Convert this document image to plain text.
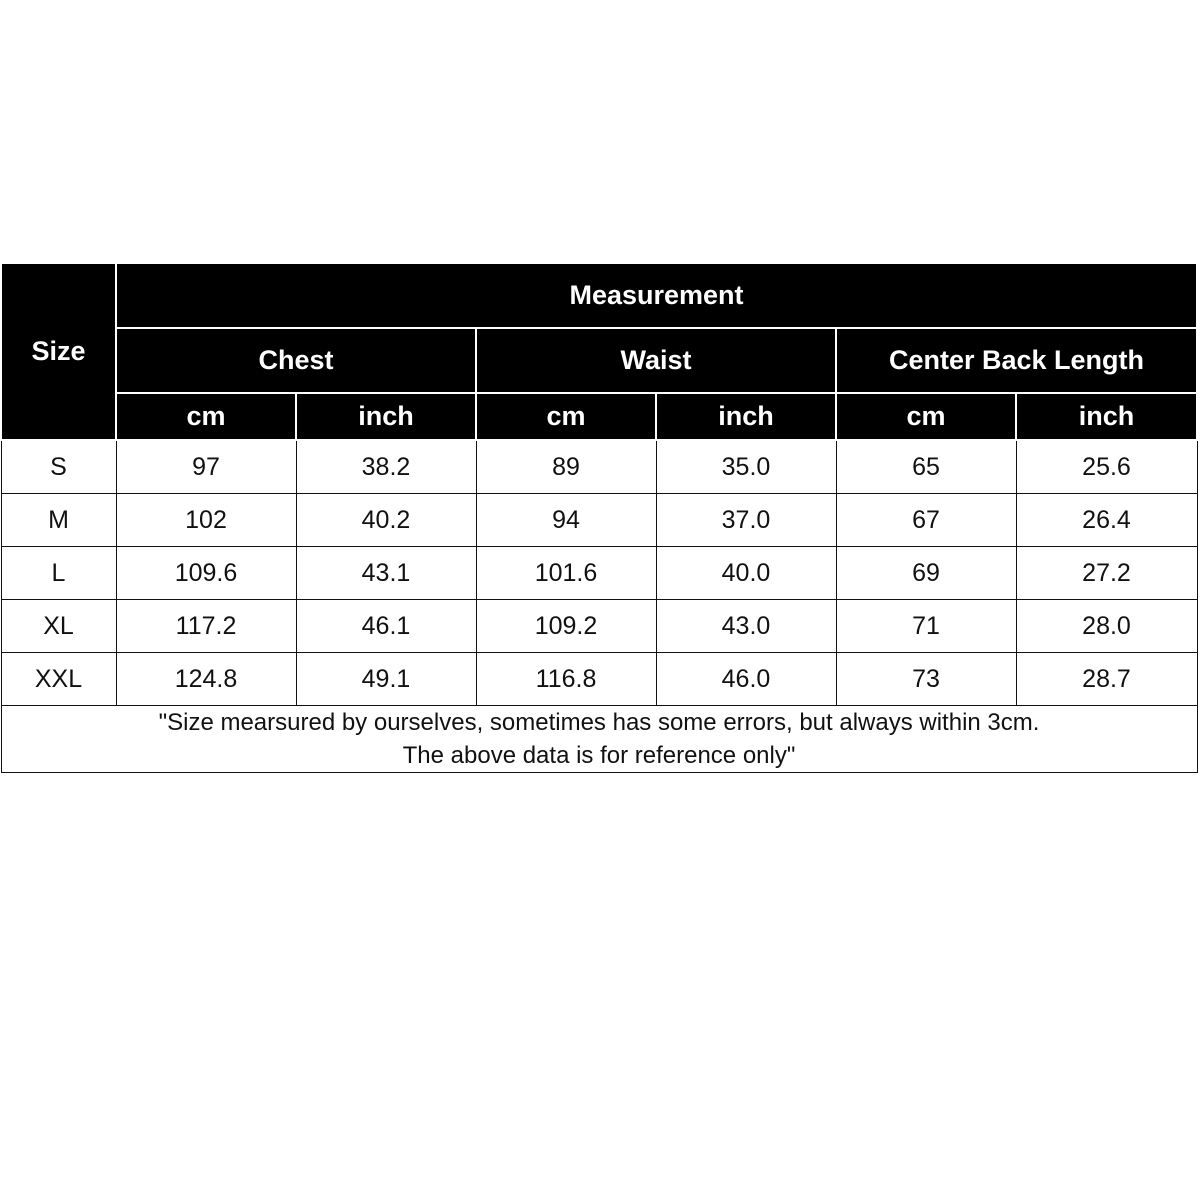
Size	Measurement					
	Chest		Waist		Center Back Length	
	cm	inch	cm	inch	cm	inch
S	97	38.2	89	35.0	65	25.6
M	102	40.2	94	37.0	67	26.4
L	109.6	43.1	101.6	40.0	69	27.2
XL	117.2	46.1	109.2	43.0	71	28.0
XXL	124.8	49.1	116.8	46.0	73	28.7

"Size mearsured by ourselves, sometimes has some errors, but always within 3cm.
The above data is for reference only"						
